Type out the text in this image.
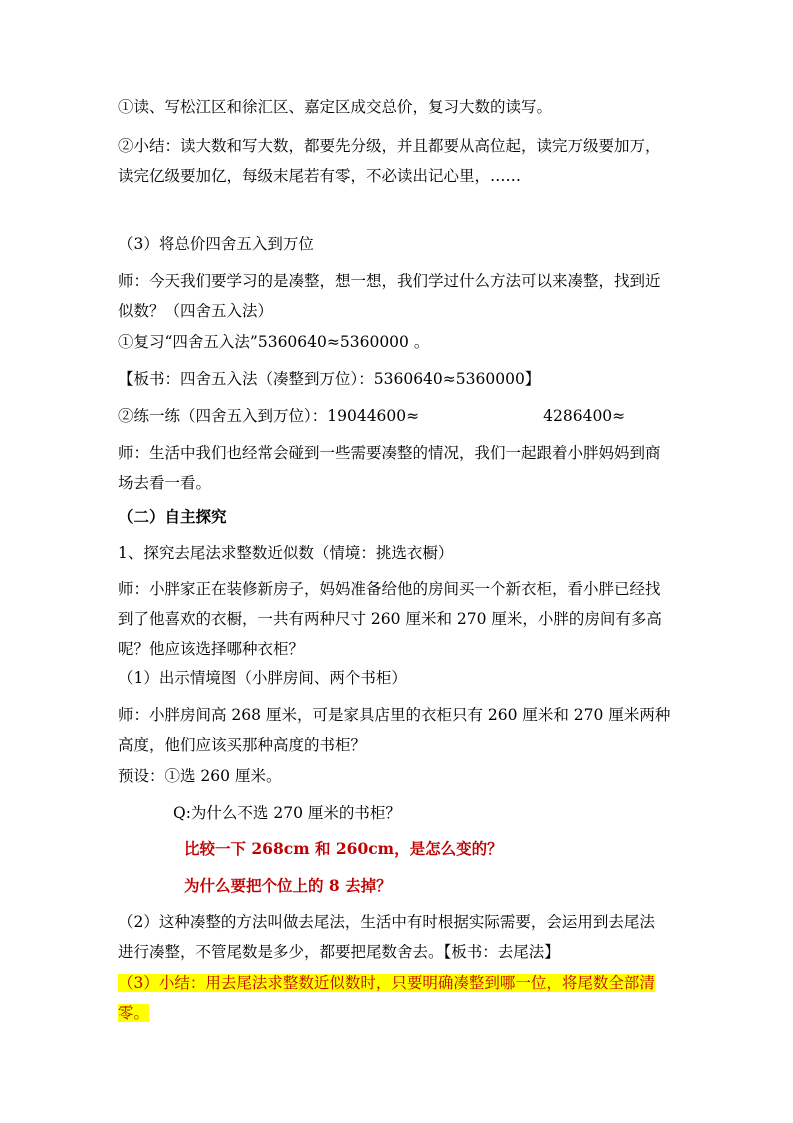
①读、写松江区和徐汇区、嘉定区成交总价，复习大数的读写。
②小结：读大数和写大数，都要先分级，并且都要从高位起，读完万级要加万，
读完亿级要加亿，每级末尾若有零，不必读出记心里，……
（3）将总价四舍五入到万位
师：今天我们要学习的是凑整，想一想，我们学过什么方法可以来凑整，找到近
似数？（四舍五入法）
①复习“四舍五入法”5360640≈5360000 。
【板书：四舍五入法（凑整到万位）：5360640≈5360000】
②练一练（四舍五入到万位）：19044600≈	4286400≈
师：生活中我们也经常会碰到一些需要凑整的情况，我们一起跟着小胖妈妈到商
场去看一看。
（二）自主探究
1、探究去尾法求整数近似数（情境：挑选衣橱）
师：小胖家正在装修新房子，妈妈准备给他的房间买一个新衣柜，看小胖已经找
到了他喜欢的衣橱，一共有两种尺寸 260 厘米和 270 厘米，小胖的房间有多高
呢？他应该选择哪种衣柜？
（1）出示情境图（小胖房间、两个书柜）
师：小胖房间高 268 厘米，可是家具店里的衣柜只有 260 厘米和 270 厘米两种
高度，他们应该买那种高度的书柜？
预设：①选 260 厘米。
Q:为什么不选 270 厘米的书柜？
比较一下 268cm 和 260cm，是怎么变的？
为什么要把个位上的 8 去掉？
（2）这种凑整的方法叫做去尾法，生活中有时根据实际需要，会运用到去尾法
进行凑整，不管尾数是多少，都要把尾数舍去。【板书：去尾法】
（3）小结：用去尾法求整数近似数时，只要明确凑整到哪一位，将尾数全部清
零。
